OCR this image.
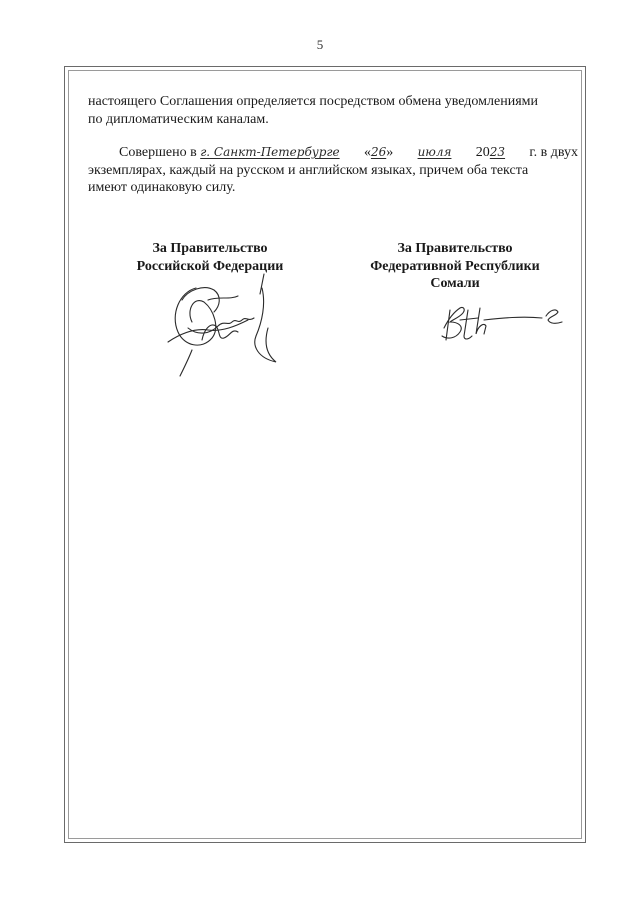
5
настоящего Соглашения определяется посредством обмена уведомлениями
по дипломатическим каналам.
Совершено в г. Санкт-Петербурге «26» июля 2023 г. в двух
экземплярах, каждый на русском и английском языках, причем оба текста
имеют одинаковую силу.
За Правительство
Российской Федерации
За Правительство
Федеративной Республики
Сомали
